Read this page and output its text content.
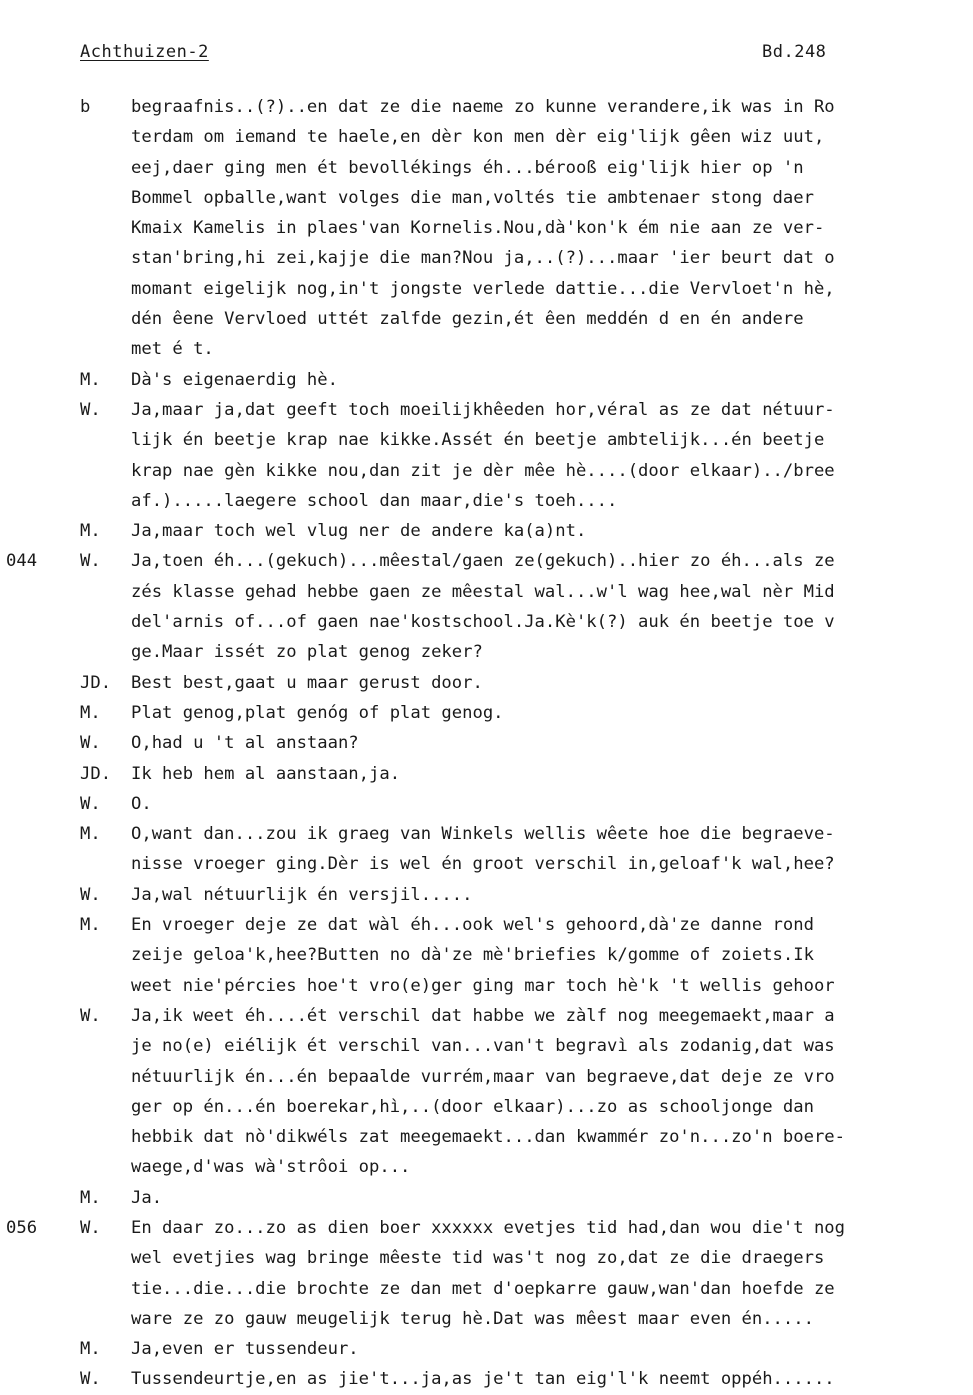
Achthuizen-2	Bd.248
b begraafnis..(?)..en dat ze die naeme zo kunne verandere,ik was in Ro
terdam om iemand te haele,en dèr kon men dèr eig'lijk gêen wiz uut,
eej,daer ging men ét bevollékings éh...bérooß eig'lijk hier op 'n
Bommel opballe,want volges die man,voltés tie ambtenaer stong daer
Kmaix Kamelis in plaes'van Kornelis.Nou,dà'kon'k ém nie aan ze ver-
stan'bring,hi zei,kajje die man?Nou ja,..(?)...maar 'ier beurt dat o
momant eigelijk nog,in't jongste verlede dattie...die Vervloet'n hè,
dén êene Vervloed uttét zalfde gezin,ét êen meddén d en én andere
met é t.
M. Dà's eigenaerdig hè.
W. Ja,maar ja,dat geeft toch moeilijkhêeden hor,véral as ze dat nétuur-
lijk én beetje krap nae kikke.Assét én beetje ambtelijk...én beetje
krap nae gèn kikke nou,dan zit je dèr mêe hè....(door elkaar)../bree
af.).....laegere school dan maar,die's toeh....
M. Ja,maar toch wel vlug ner de andere ka(a)nt.
044 W. Ja,toen éh...(gekuch)...mêestal/gaen ze(gekuch)..hier zo éh...als ze
zés klasse gehad hebbe gaen ze mêestal wal...w'l wag hee,wal nèr Mid
del'arnis of...of gaen nae'kostschool.Ja.Kè'k(?) auk én beetje toe v
ge.Maar issét zo plat genog zeker?
JD. Best best,gaat u maar gerust door.
M. Plat genog,plat genóg of plat genog.
W. O,had u 't al anstaan?
JD. Ik heb hem al aanstaan,ja.
W. O.
M. O,want dan...zou ik graeg van Winkels wellis wêete hoe die begraeve-
nisse vroeger ging.Dèr is wel én groot verschil in,geloaf'k wal,hee?
W. Ja,wal nétuurlijk én versjil.....
M. En vroeger deje ze dat wàl éh...ook wel's gehoord,dà'ze danne rond
zeije geloa'k,hee?Butten no dà'ze mè'briefies k/gomme of zoiets.Ik
weet nie'pércies hoe't vro(e)ger ging mar toch hè'k 't wellis gehoor
W. Ja,ik weet éh....ét verschil dat habbe we zàlf nog meegemaekt,maar a
je no(e) eiélijk ét verschil van...van't begravì als zodanig,dat was
nétuurlijk én...én bepaalde vurrém,maar van begraeve,dat deje ze vro
ger op én...én boerekar,hì,..(door elkaar)...zo as schooljonge dan
hebbik dat nò'dikwéls zat meegemaekt...dan kwammér zo'n...zo'n boere-
waege,d'was wà'strôoi op...
M. Ja.
056 W. En daar zo...zo as dien boer xxxxxx evetjes tid had,dan wou die't nog
wel evetjies wag bringe mêeste tid was't nog zo,dat ze die draegers
tie...die...die brochte ze dan met d'oepkarre gauw,wan'dan hoefde ze
ware ze zo gauw meugelijk terug hè.Dat was mêest maar even én.....
M. Ja,even er tussendeur.
W. Tussendeurtje,en as jie't...ja,as je't tan eig'l'k neemt oppéh......
